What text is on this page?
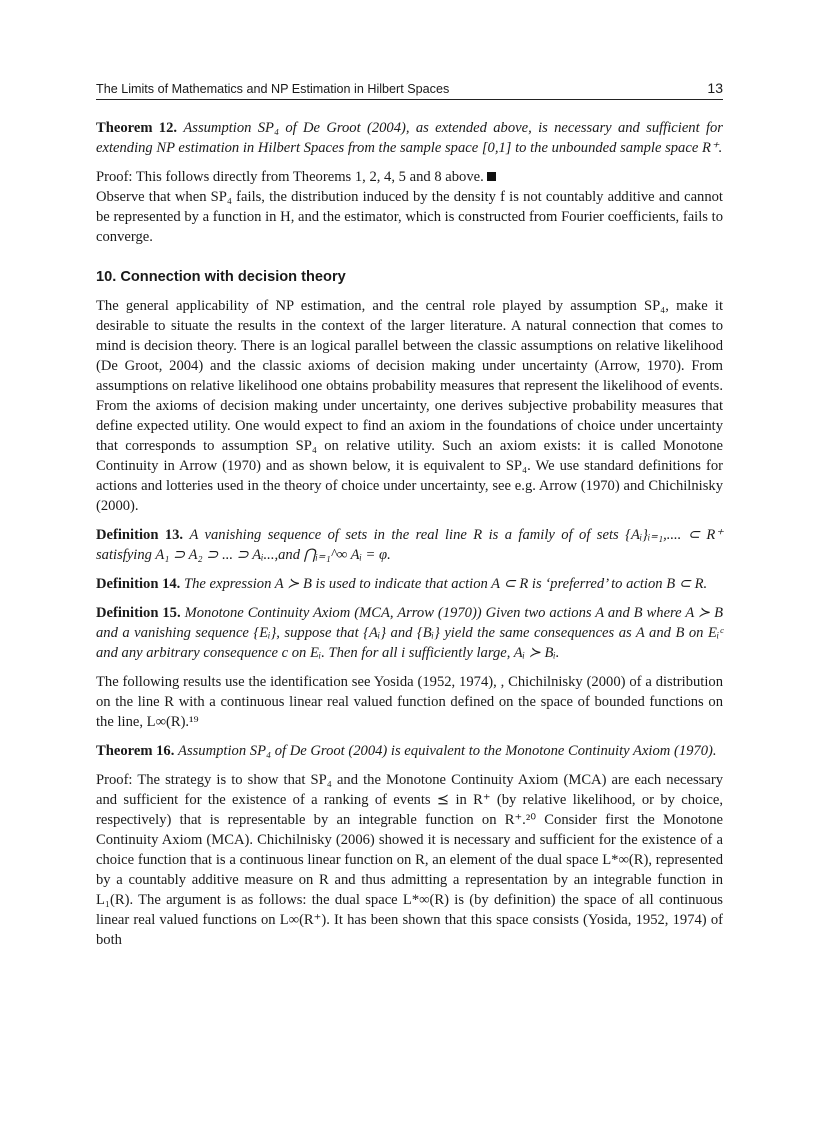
The Limits of Mathematics and NP Estimation in Hilbert Spaces	13

Theorem 12. Assumption SP₄ of De Groot (2004), as extended above, is necessary and sufficient for extending NP estimation in Hilbert Spaces from the sample space [0,1] to the unbounded sample space R⁺.

Proof: This follows directly from Theorems 1, 2, 4, 5 and 8 above.

Observe that when SP₄ fails, the distribution induced by the density f is not countably additive and cannot be represented by a function in H, and the estimator, which is constructed from Fourier coefficients, fails to converge.

10. Connection with decision theory

The general applicability of NP estimation, and the central role played by assumption SP₄, make it desirable to situate the results in the context of the larger literature. A natural connection that comes to mind is decision theory. There is an logical parallel between the classic assumptions on relative likelihood (De Groot, 2004) and the classic axioms of decision making under uncertainty (Arrow, 1970). From assumptions on relative likelihood one obtains probability measures that represent the likelihood of events. From the axioms of decision making under uncertainty, one derives subjective probability measures that define expected utility. One would expect to find an axiom in the foundations of choice under uncertainty that corresponds to assumption SP₄ on relative utility. Such an axiom exists: it is called Monotone Continuity in Arrow (1970) and as shown below, it is equivalent to SP₄. We use standard definitions for actions and lotteries used in the theory of choice under uncertainty, see e.g. Arrow (1970) and Chichilnisky (2000).

Definition 13. A vanishing sequence of sets in the real line R is a family of of sets {Aᵢ}ᵢ₌₁,.... ⊂ R⁺ satisfying A₁ ⊃ A₂ ⊃ ... ⊃ Aᵢ...,and ⋂ᵢ₌₁^∞ Aᵢ = φ.

Definition 14. The expression A ≻ B is used to indicate that action A ⊂ R is ‘preferred’ to action B ⊂ R.

Definition 15. Monotone Continuity Axiom (MCA, Arrow (1970)) Given two actions A and B where A ≻ B and a vanishing sequence {Eᵢ}, suppose that {Aᵢ} and {Bᵢ} yield the same consequences as A and B on Eᵢᶜ and any arbitrary consequence c on Eᵢ. Then for all i sufficiently large, Aᵢ ≻ Bᵢ.

The following results use the identification see Yosida (1952, 1974), , Chichilnisky (2000) of a distribution on the line R with a continuous linear real valued function defined on the space of bounded functions on the line, L∞(R).¹⁹

Theorem 16. Assumption SP₄ of De Groot (2004) is equivalent to the Monotone Continuity Axiom (1970).

Proof: The strategy is to show that SP₄ and the Monotone Continuity Axiom (MCA) are each necessary and sufficient for the existence of a ranking of events ⪯ in R⁺ (by relative likelihood, or by choice, respectively) that is representable by an integrable function on R⁺.²⁰ Consider first the Monotone Continuity Axiom (MCA). Chichilnisky (2006) showed it is necessary and sufficient for the existence of a choice function that is a continuous linear function on R, an element of the dual space L*∞(R), represented by a countably additive measure on R and thus admitting a representation by an integrable function in L₁(R). The argument is as follows: the dual space L*∞(R) is (by definition) the space of all continuous linear real valued functions on L∞(R⁺). It has been shown that this space consists (Yosida, 1952, 1974) of both
